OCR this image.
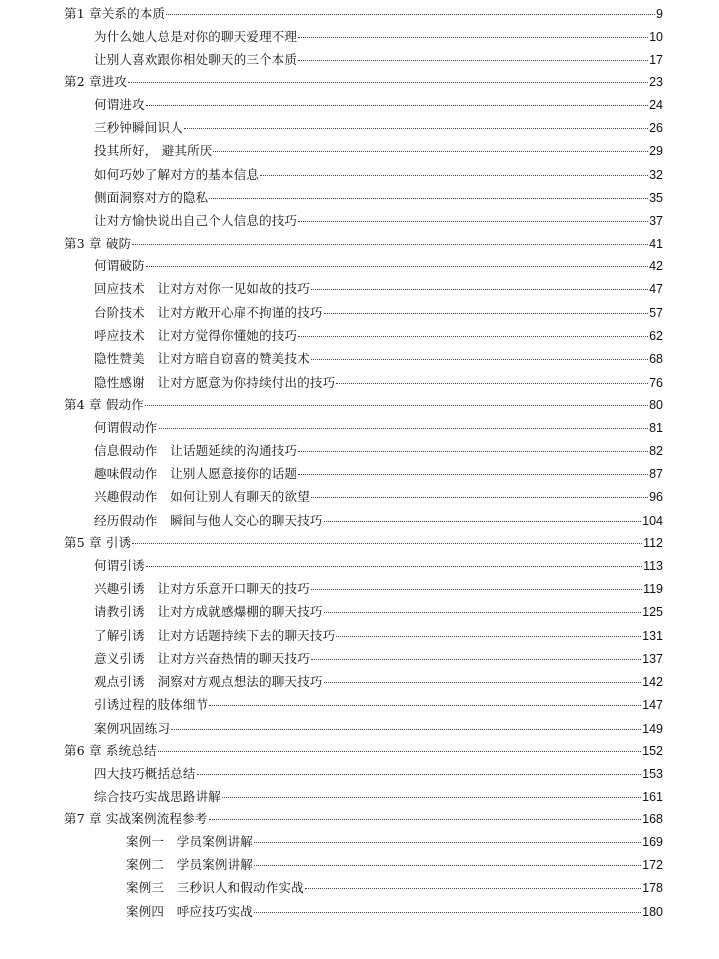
第1 章关系的本质	9
为什么她人总是对你的聊天爱理不理	10
让别人喜欢跟你相处聊天的三个本质	17
第2 章进攻	23
何谓进攻	24
三秒钟瞬间识人	26
投其所好， 避其所厌	29
如何巧妙了解对方的基本信息	32
侧面洞察对方的隐私	35
让对方愉快说出自己个人信息的技巧	37
第3 章 破防	41
何谓破防	42
回应技术　让对方对你一见如故的技巧	47
台阶技术　让对方敞开心扉不拘谨的技巧	57
呼应技术　让对方觉得你懂她的技巧	62
隐性赞美　让对方暗自窃喜的赞美技术	68
隐性感谢　让对方愿意为你持续付出的技巧	76
第4 章 假动作	80
何谓假动作	81
信息假动作　让话题延续的沟通技巧	82
趣味假动作　让别人愿意接你的话题	87
兴趣假动作　如何让别人有聊天的欲望	96
经历假动作　瞬间与他人交心的聊天技巧	104
第5 章 引诱	112
何谓引诱	113
兴趣引诱　让对方乐意开口聊天的技巧	119
请教引诱　让对方成就感爆棚的聊天技巧	125
了解引诱　让对方话题持续下去的聊天技巧	131
意义引诱　让对方兴奋热情的聊天技巧	137
观点引诱　洞察对方观点想法的聊天技巧	142
引诱过程的肢体细节	147
案例巩固练习	149
第6 章 系统总结	152
四大技巧概括总结	153
综合技巧实战思路讲解	161
第7 章 实战案例流程参考	168
案例一　学员案例讲解	169
案例二　学员案例讲解	172
案例三　三秒识人和假动作实战	178
案例四　呼应技巧实战	180
